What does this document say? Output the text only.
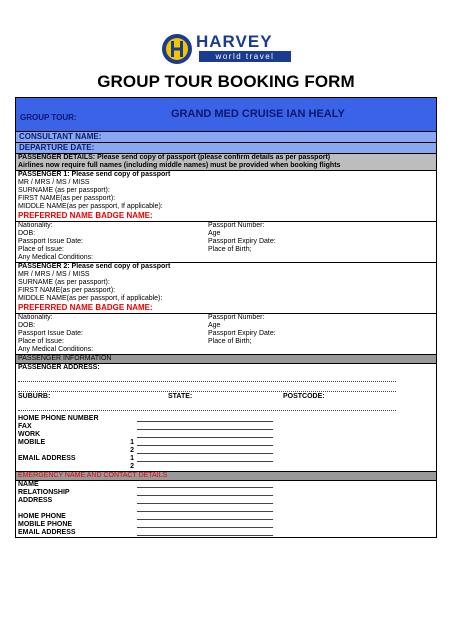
HARVEY
world travel
GROUP TOUR BOOKING FORM
GROUP TOUR:	GRAND MED CRUISE IAN HEALY
CONSULTANT NAME:
DEPARTURE DATE:
PASSENGER DETAILS: Please send copy of passport (please confirm details as per passport)
Airlines now require full names (including middle names) must be provided when booking flights
PASSENGER 1: Please send copy of passport
MR / MRS / MS / MISS
SURNAME (as per passport):
FIRST NAME(as per passport):
MIDDLE NAME(as per passport, If applicable):
PREFERRED NAME BADGE NAME:
Nationality:	Passport Number:
DOB:	Age
Passport Issue Date:	Passport Expiry Date:
Place of Issue:	Place of Birth;
Any Medical Conditions:
PASSENGER 2: Please send copy of passport
MR / MRS / MS / MISS
SURNAME (as per passport):
FIRST NAME(as per passport):
MIDDLE NAME(as per passport, if applicable):
PREFERRED NAME BADGE NAME:
Nationality:	Passport Number:
DOB:	Age
Passport Issue Date:	Passport Expiry Date:
Place of Issue:	Place of Birth;
Any Medical Conditions:
PASSENGER INFORMATION
PASSENGER ADDRESS:
SUBURB:	STATE:	POSTCODE:
HOME PHONE NUMBER
FAX
WORK
MOBILE	1
2
EMAIL ADDRESS	1
2
EMERGENCY NAME AND CONTACT DETAILS
NAME
RELATIONSHIP
ADDRESS
HOME PHONE
MOBILE PHONE
EMAIL ADDRESS
